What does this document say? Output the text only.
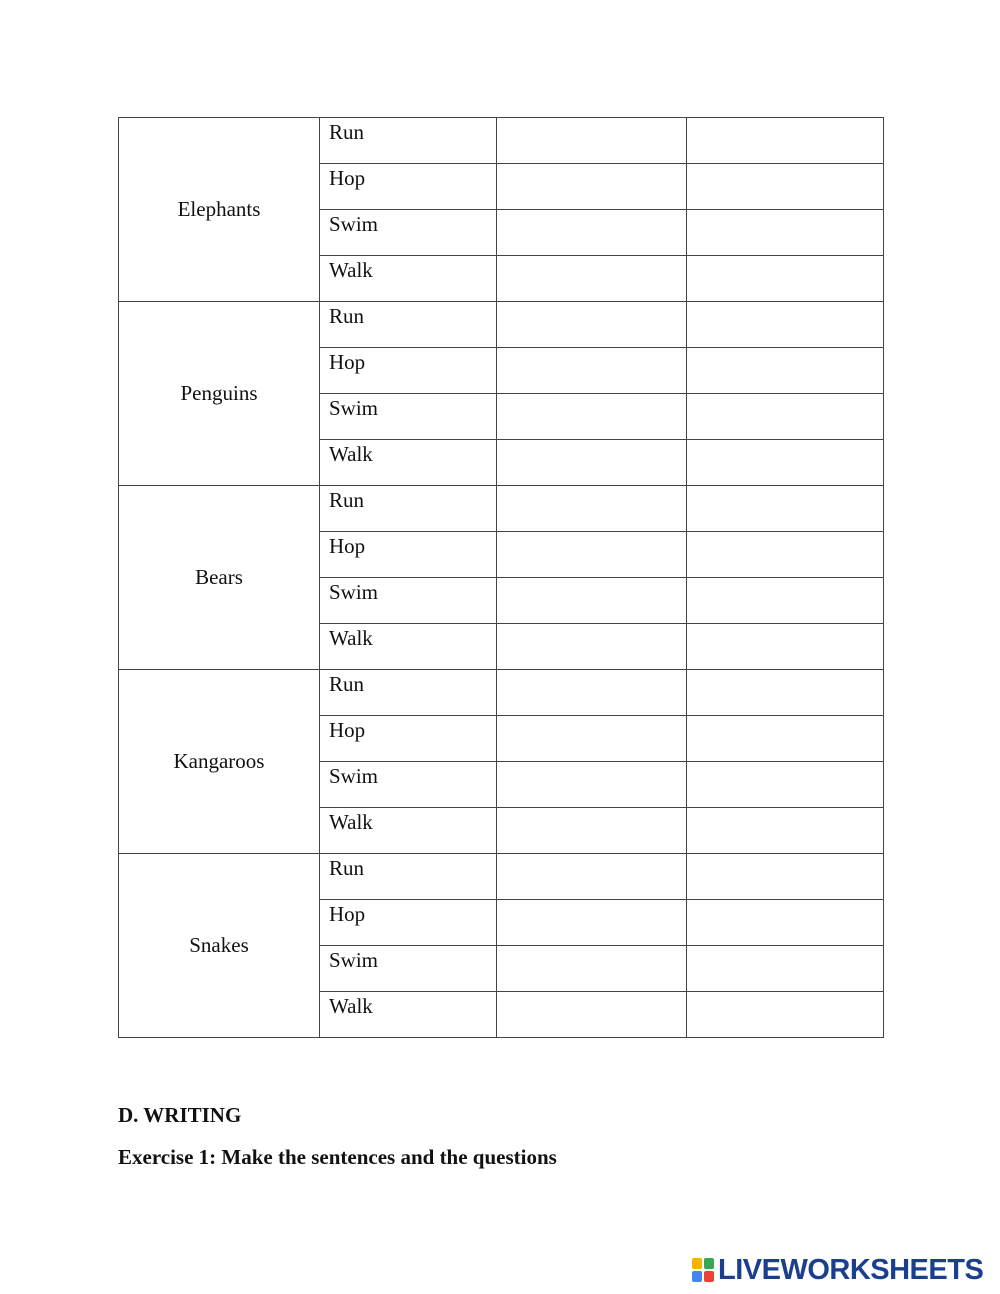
Elephants	Run		
	Hop		
	Swim		
	Walk		
Penguins	Run		
	Hop		
	Swim		
	Walk		
Bears	Run		
	Hop		
	Swim		
	Walk		
Kangaroos	Run		
	Hop		
	Swim		
	Walk		
Snakes	Run		
	Hop		
	Swim		
	Walk		
D. WRITING
Exercise 1: Make the sentences and the questions
LIVEWORKSHEETS
